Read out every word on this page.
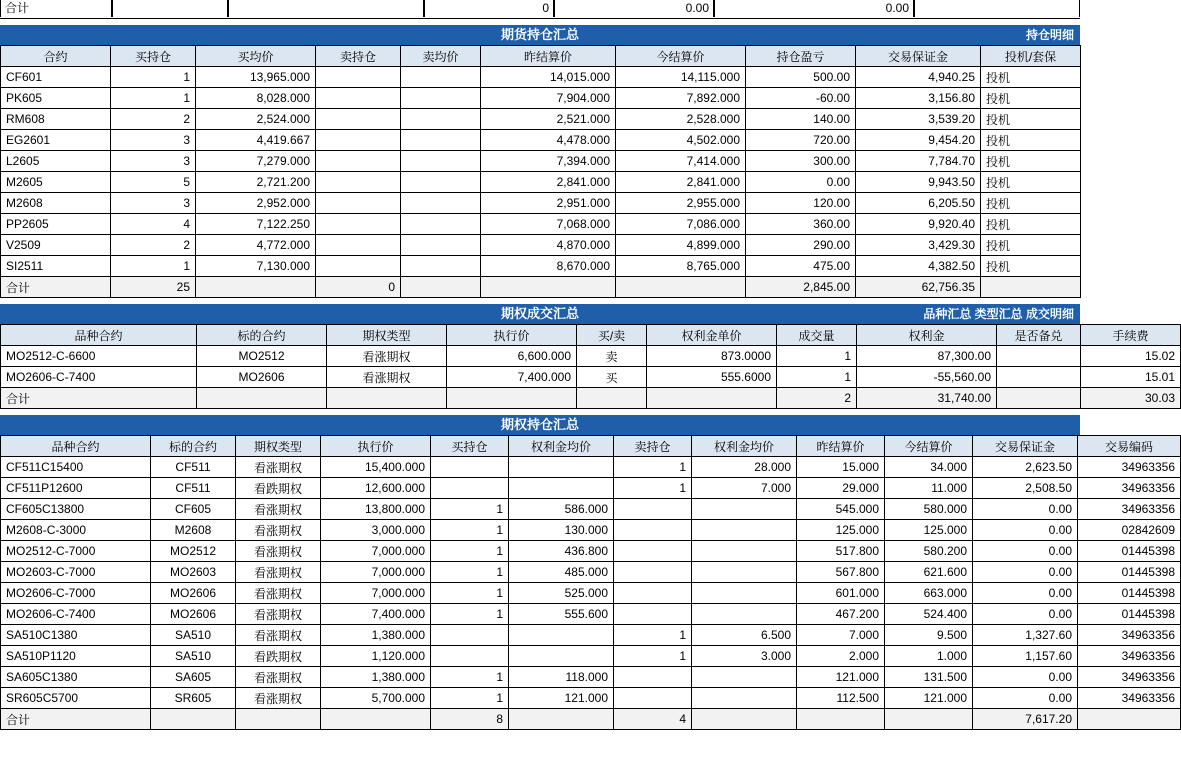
合计	0	0.00	0.00
期货持仓汇总	持仓明细
合约	买持仓	买均价	卖持仓	卖均价	昨结算价	今结算价	持仓盈亏	交易保证金	投机/套保
CF601	1	13,965.000			14,015.000	14,115.000	500.00	4,940.25	投机
PK605	1	8,028.000			7,904.000	7,892.000	-60.00	3,156.80	投机
RM608	2	2,524.000			2,521.000	2,528.000	140.00	3,539.20	投机
EG2601	3	4,419.667			4,478.000	4,502.000	720.00	9,454.20	投机
L2605	3	7,279.000			7,394.000	7,414.000	300.00	7,784.70	投机
M2605	5	2,721.200			2,841.000	2,841.000	0.00	9,943.50	投机
M2608	3	2,952.000			2,951.000	2,955.000	120.00	6,205.50	投机
PP2605	4	7,122.250			7,068.000	7,086.000	360.00	9,920.40	投机
V2509	2	4,772.000			4,870.000	4,899.000	290.00	3,429.30	投机
SI2511	1	7,130.000			8,670.000	8,765.000	475.00	4,382.50	投机
合计	25		0				2,845.00	62,756.35	
期权成交汇总	品种汇总 类型汇总 成交明细
品种合约	标的合约	期权类型	执行价	买/卖	权利金单价	成交量	权利金	是否备兑	手续费
MO2512-C-6600	MO2512	看涨期权	6,600.000	卖	873.0000	1	87,300.00		15.02
MO2606-C-7400	MO2606	看涨期权	7,400.000	买	555.6000	1	-55,560.00		15.01
合计						2	31,740.00		30.03
期权持仓汇总
品种合约	标的合约	期权类型	执行价	买持仓	权利金均价	卖持仓	权利金均价	昨结算价	今结算价	交易保证金	交易编码
CF511C15400	CF511	看涨期权	15,400.000			1	28.000	15.000	34.000	2,623.50	34963356
CF511P12600	CF511	看跌期权	12,600.000			1	7.000	29.000	11.000	2,508.50	34963356
CF605C13800	CF605	看涨期权	13,800.000	1	586.000			545.000	580.000	0.00	34963356
M2608-C-3000	M2608	看涨期权	3,000.000	1	130.000			125.000	125.000	0.00	02842609
MO2512-C-7000	MO2512	看涨期权	7,000.000	1	436.800			517.800	580.200	0.00	01445398
MO2603-C-7000	MO2603	看涨期权	7,000.000	1	485.000			567.800	621.600	0.00	01445398
MO2606-C-7000	MO2606	看涨期权	7,000.000	1	525.000			601.000	663.000	0.00	01445398
MO2606-C-7400	MO2606	看涨期权	7,400.000	1	555.600			467.200	524.400	0.00	01445398
SA510C1380	SA510	看涨期权	1,380.000			1	6.500	7.000	9.500	1,327.60	34963356
SA510P1120	SA510	看跌期权	1,120.000			1	3.000	2.000	1.000	1,157.60	34963356
SA605C1380	SA605	看涨期权	1,380.000	1	118.000			121.000	131.500	0.00	34963356
SR605C5700	SR605	看涨期权	5,700.000	1	121.000			112.500	121.000	0.00	34963356
合计				8		4				7,617.20	
